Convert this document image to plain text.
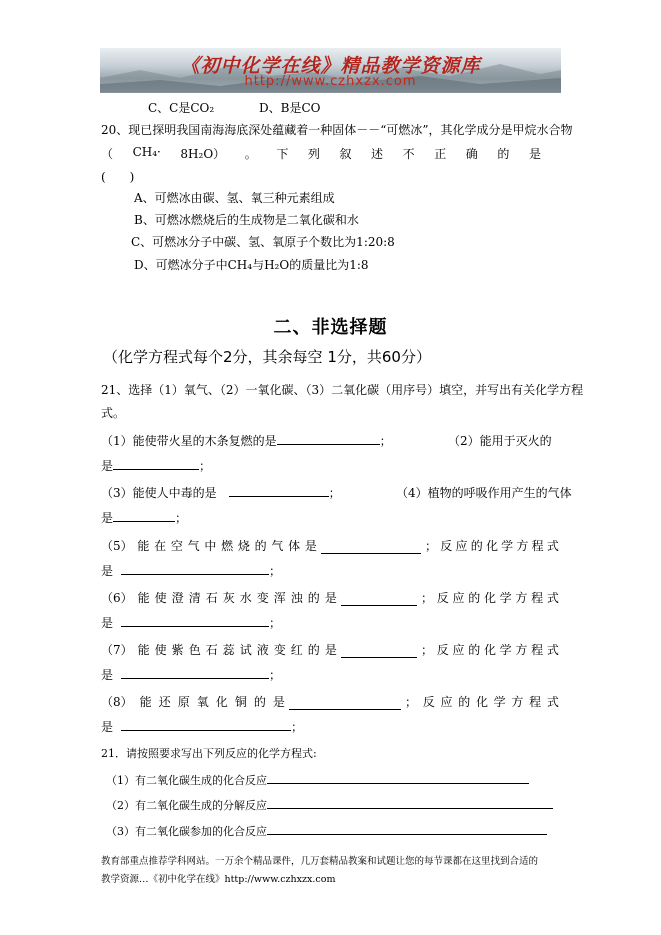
《初中化学在线》精品教学资源库
http://www.czhxzx.com
C、C是CO₂	D、B是CO
20、现已探明我国南海海底深处蕴藏着一种固体－－“可燃冰”，其化学成分是甲烷水合物
（ CH₄· 8H₂O） 。 下 列 叙 述 不 正 确 的 是
(　　)
A、可燃冰由碳、氢、氧三种元素组成
B、可燃冰燃烧后的生成物是二氧化碳和水
C、可燃冰分子中碳、氢、氧原子个数比为1:20:8
D、可燃冰分子中CH₄与H₂O的质量比为1:8
二、非选择题
（化学方程式每个2分，其余每空 1分，共60分）
21、选择（1）氧气、（2）一氧化碳、（3）二氧化碳（用序号）填空，并写出有关化学方程
式。
（1）能使带火星的木条复燃的是	；	（2）能用于灭火的
是	；
（3）能使人中毒的是	；	（4）植物的呼吸作用产生的气体
是	；
（5） 能 在 空 气 中 燃 烧 的 气 体 是	； 反 应 的 化 学 方 程 式
是	；
（6） 能 使 澄 清 石 灰 水 变 浑 浊 的 是	； 反 应 的 化 学 方 程 式
是	；
（7） 能 使 紫 色 石 蕊 试 液 变 红 的 是	； 反 应 的 化 学 方 程 式
是	；
（8） 能 还 原 氧 化 铜 的 是	； 反 应 的 化 学 方 程 式
是	；
21．请按照要求写出下列反应的化学方程式:
（1）有二氧化碳生成的化合反应
（2）有二氧化碳生成的分解反应
（3）有二氧化碳参加的化合反应
教育部重点推荐学科网站。一万余个精品课件，几万套精品教案和试题让您的每节课都在这里找到合适的
教学资源…《初中化学在线》http://www.czhxzx.com
